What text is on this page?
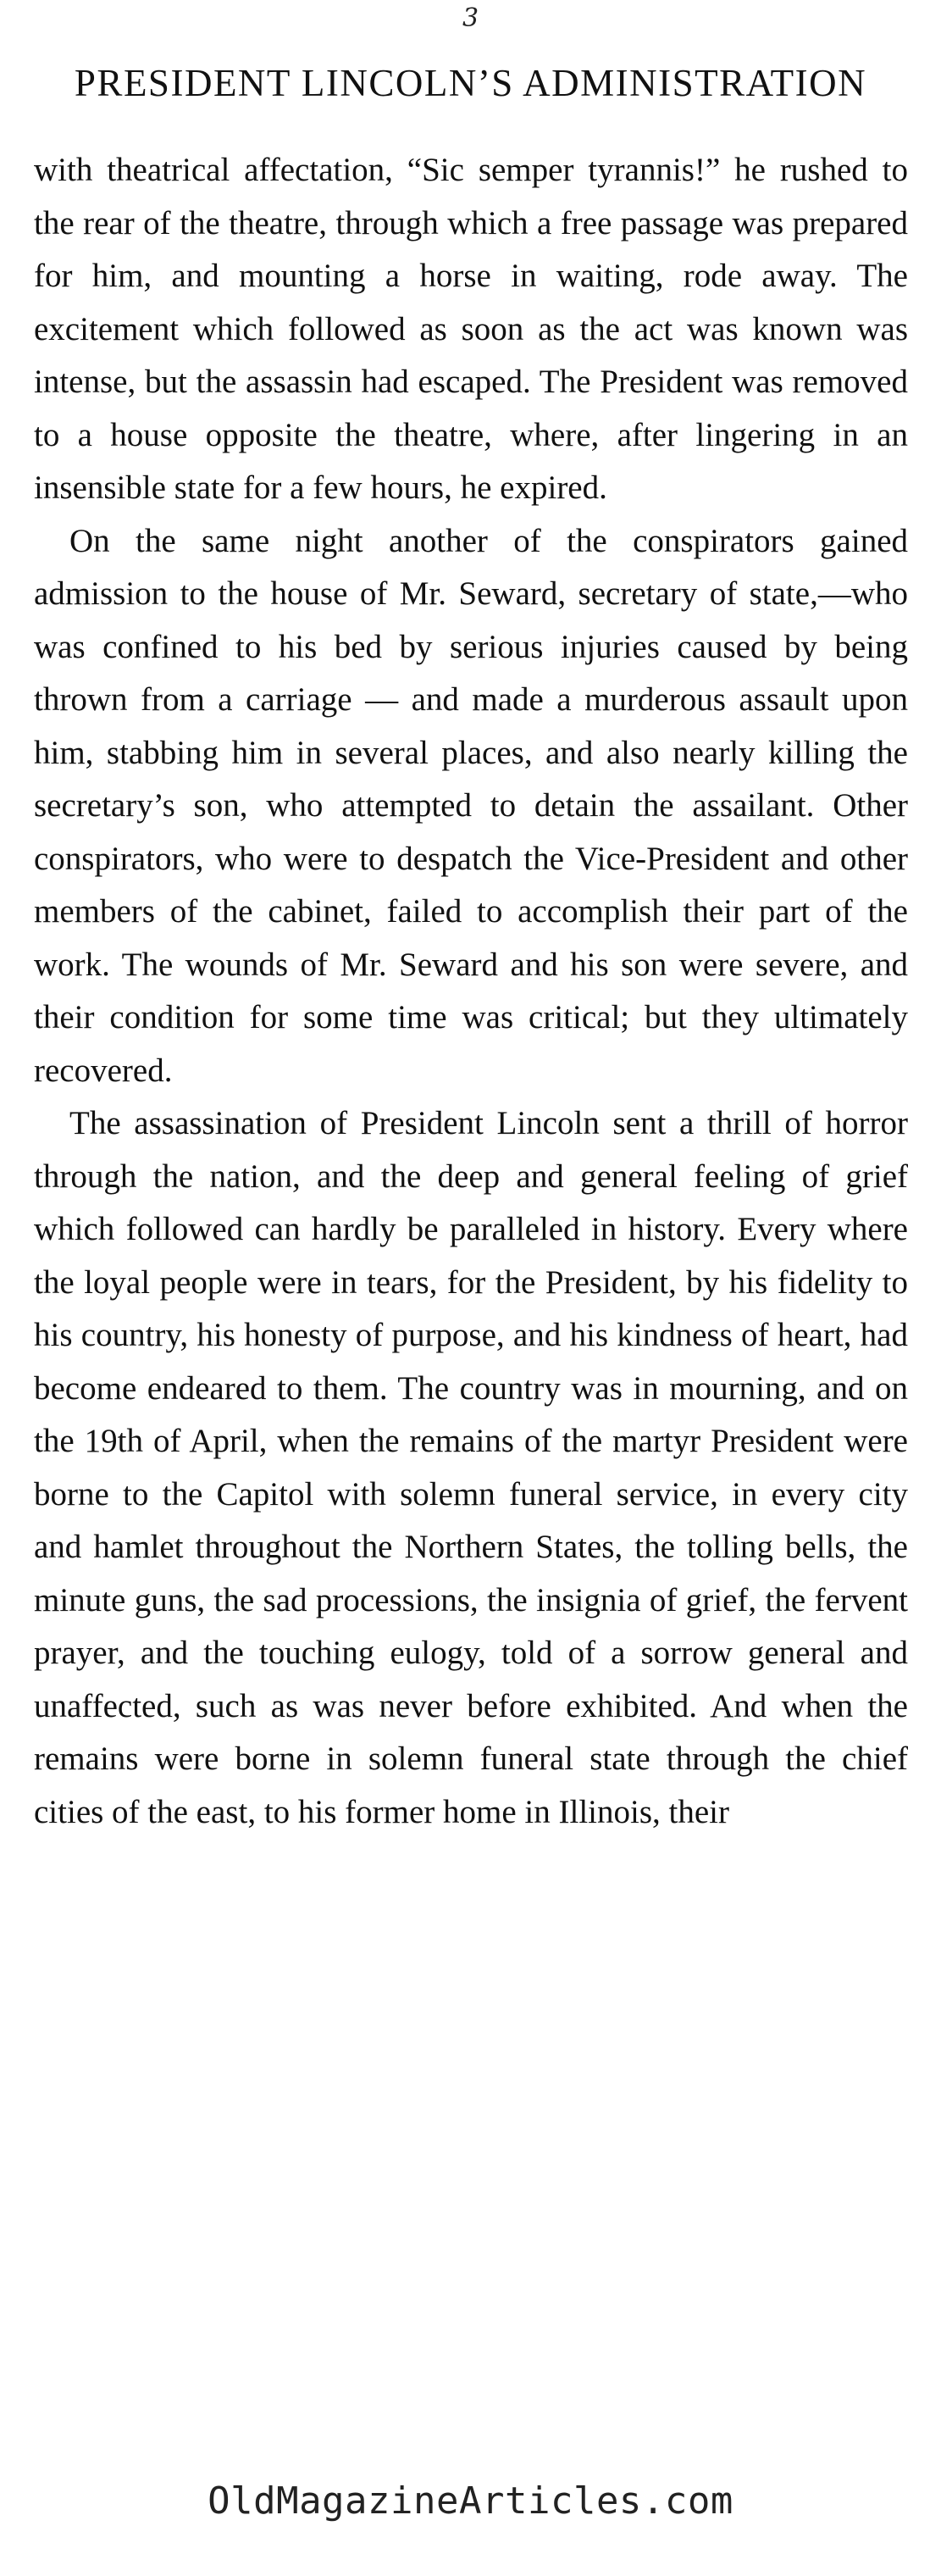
3
PRESIDENT LINCOLN’S ADMINISTRATION

with theatrical affectation, “Sic semper tyrannis!” he rushed to the rear of the theatre, through which a free passage was prepared for him, and mounting a horse in waiting, rode away. The excitement which followed as soon as the act was known was intense, but the assassin had escaped. The President was removed to a house opposite the theatre, where, after lingering in an insensible state for a few hours, he expired.

On the same night another of the conspirators gained admission to the house of Mr. Seward, secretary of state,—who was confined to his bed by serious injuries caused by being thrown from a carriage — and made a murderous assault upon him, stabbing him in several places, and also nearly killing the secretary’s son, who attempted to detain the assailant. Other conspirators, who were to despatch the Vice-President and other members of the cabinet, failed to accomplish their part of the work. The wounds of Mr. Seward and his son were severe, and their condition for some time was critical; but they ultimately recovered.

The assassination of President Lincoln sent a thrill of horror through the nation, and the deep and general feeling of grief which followed can hardly be paralleled in history. Every where the loyal people were in tears, for the President, by his fidelity to his country, his honesty of purpose, and his kindness of heart, had become endeared to them. The country was in mourning, and on the 19th of April, when the remains of the martyr President were borne to the Capitol with solemn funeral service, in every city and hamlet throughout the Northern States, the tolling bells, the minute guns, the sad processions, the insignia of grief, the fervent prayer, and the touching eulogy, told of a sorrow general and unaffected, such as was never before exhibited. And when the remains were borne in solemn funeral state through the chief cities of the east, to his former home in Illinois, their

OldMagazineArticles.com
